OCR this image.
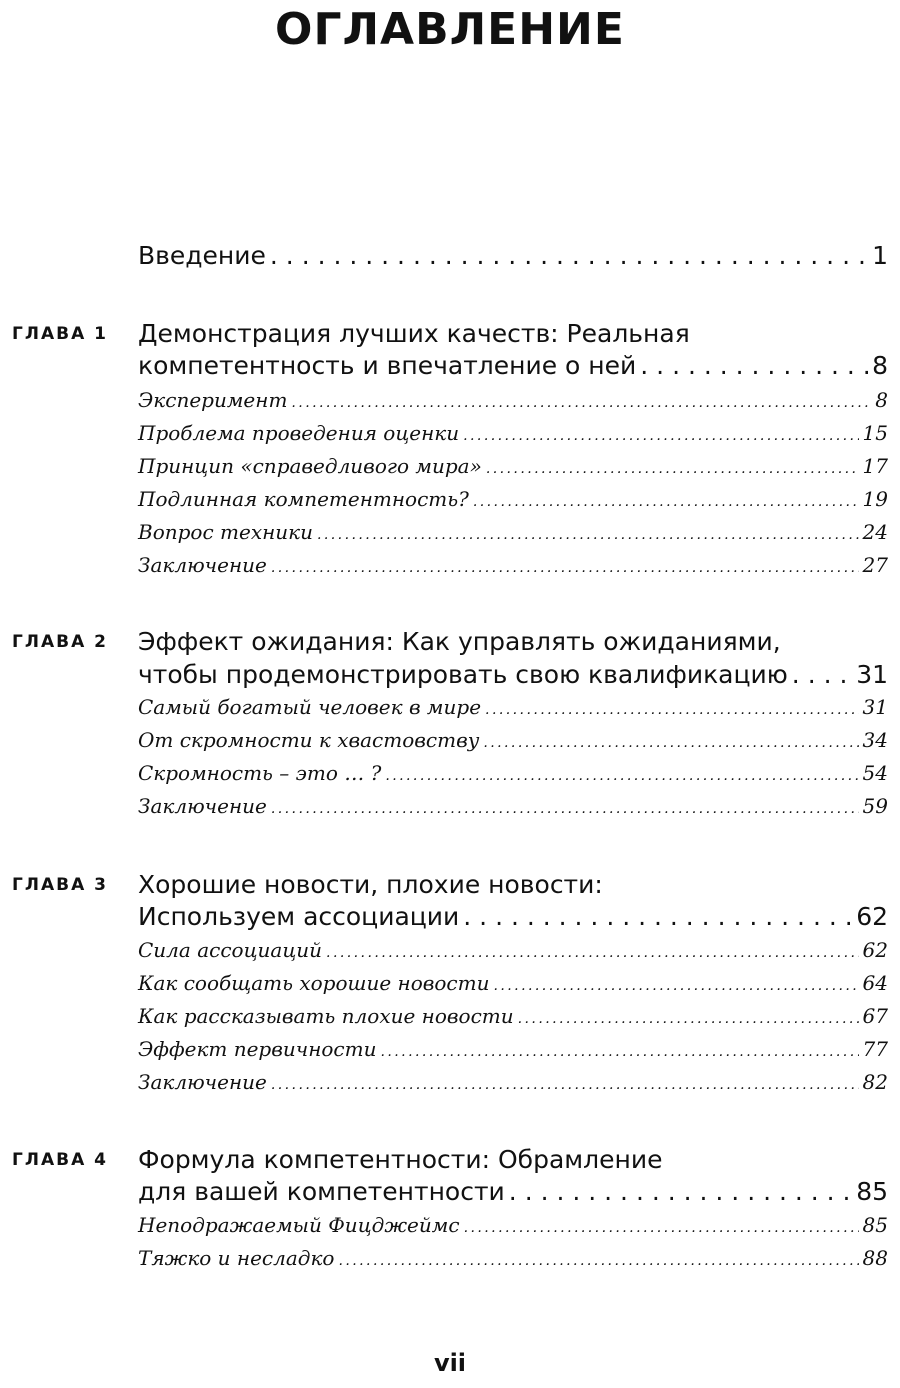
ОГЛАВЛЕНИЕ
Введение . . .	1
ГЛАВА 1 Демонстрация лучших качеств: Реальная
компетентность и впечатление о ней . . .	8
Эксперимент . . .	8
Проблема проведения оценки . . .	15
Принцип «справедливого мира» . . .	17
Подлинная компетентность? . . .	19
Вопрос техники . . .	24
Заключение . . .	27
ГЛАВА 2 Эффект ожидания: Как управлять ожиданиями,
чтобы продемонстрировать свою квалификацию . . .	31
Самый богатый человек в мире . . .	31
От скромности к хвастовству . . .	34
Скромность – это … ? . . .	54
Заключение . . .	59
ГЛАВА 3 Хорошие новости, плохие новости:
Используем ассоциации . . .	62
Сила ассоциаций . . .	62
Как сообщать хорошие новости . . .	64
Как рассказывать плохие новости . . .	67
Эффект первичности . . .	77
Заключение . . .	82
ГЛАВА 4 Формула компетентности: Обрамление
для вашей компетентности . . .	85
Неподражаемый Фицджеймс . . .	85
Тяжко и несладко . . .	88
vii
